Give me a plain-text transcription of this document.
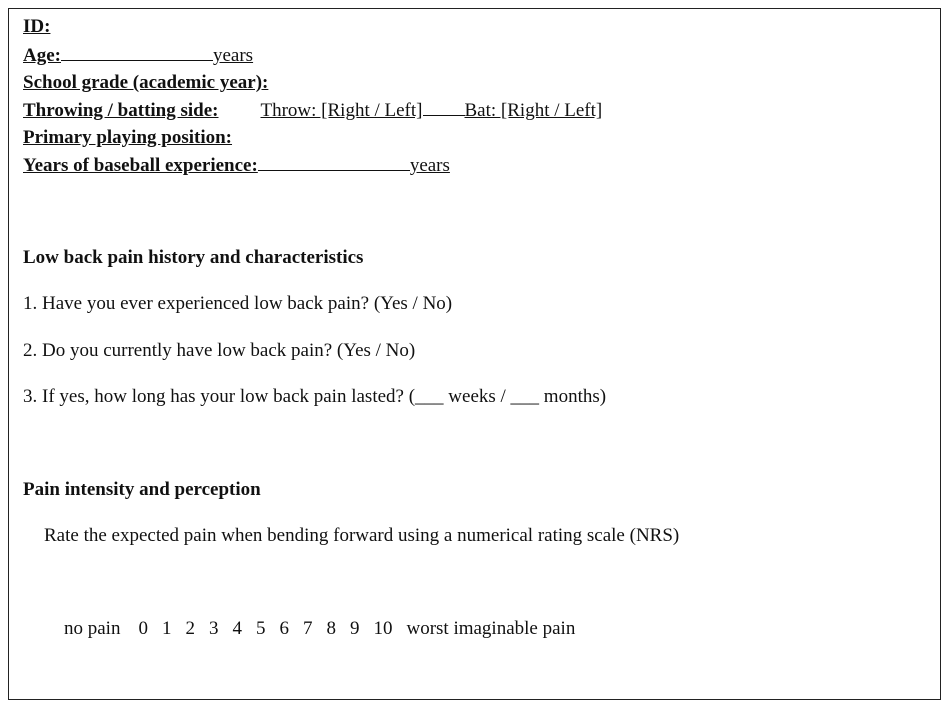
ID:
Age:	years
School grade (academic year):
Throwing / batting side: Throw: [Right / Left] Bat: [Right / Left]
Primary playing position:
Years of baseball experience:	years
Low back pain history and characteristics
1. Have you ever experienced low back pain? (Yes / No)
2. Do you currently have low back pain? (Yes / No)
3. If yes, how long has your low back pain lasted? (___ weeks / ___ months)
Pain intensity and perception
Rate the expected pain when bending forward using a numerical rating scale (NRS)
no pain 0 1 2 3 4 5 6 7 8 9 10 worst imaginable pain
